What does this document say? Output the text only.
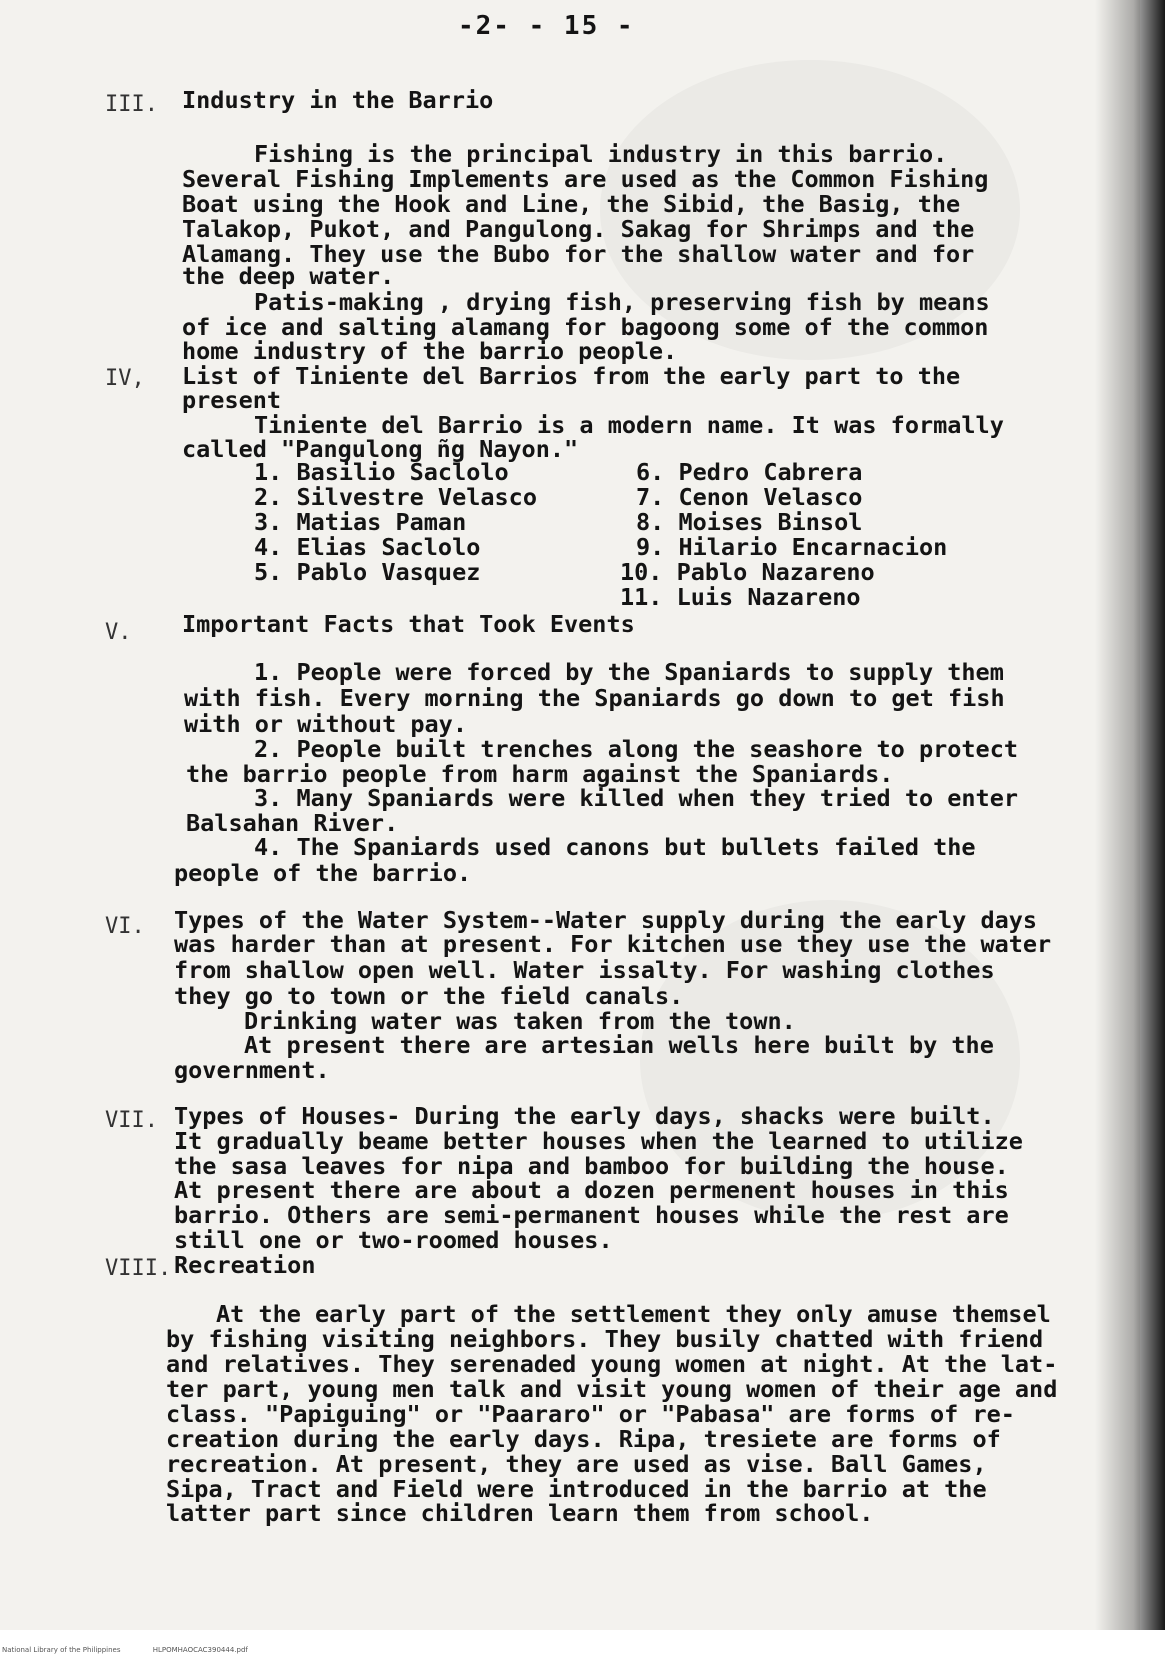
-2- - 15 -
III. Industry in the Barrio
Fishing is the principal industry in this barrio.
Several Fishing Implements are used as the Common Fishing
Boat using the Hook and Line, the Sibid, the Basig, the
Talakop, Pukot, and Pangulong. Sakag for Shrimps and the
Alamang. They use the Bubo for the shallow water and for
the deep water.
Patis-making , drying fish, preserving fish by means
of ice and salting alamang for bagoong some of the common
home industry of the barrio people.
IV, List of Tiniente del Barrios from the early part to the
present
Tiniente del Barrio is a modern name. It was formally
called "Pangulong ñg Nayon."
1. Basilio Saclolo
2. Silvestre Velasco
3. Matias Paman
4. Elias Saclolo
5. Pablo Vasquez
6. Pedro Cabrera
7. Cenon Velasco
8. Moises Binsol
9. Hilario Encarnacion
10. Pablo Nazareno
11. Luis Nazareno
V. Important Facts that Took Events
1. People were forced by the Spaniards to supply them
with fish. Every morning the Spaniards go down to get fish
with or without pay.
2. People built trenches along the seashore to protect
the barrio people from harm against the Spaniards.
3. Many Spaniards were killed when they tried to enter
Balsahan River.
4. The Spaniards used canons but bullets failed the
people of the barrio.
VI. Types of the Water System--Water supply during the early days
was harder than at present. For kitchen use they use the water
from shallow open well. Water issalty. For washing clothes
they go to town or the field canals.
Drinking water was taken from the town.
At present there are artesian wells here built by the
government.
VII. Types of Houses- During the early days, shacks were built.
It gradually beame better houses when the learned to utilize
the sasa leaves for nipa and bamboo for building the house.
At present there are about a dozen permenent houses in this
barrio. Others are semi-permanent houses while the rest are
still one or two-roomed houses.
VIII. Recreation
At the early part of the settlement they only amuse themsel
by fishing visiting neighbors. They busily chatted with friend
and relatives. They serenaded young women at night. At the lat-
ter part, young men talk and visit young women of their age and
class. "Papiguing" or "Paararo" or "Pabasa" are forms of re-
creation during the early days. Ripa, tresiete are forms of
recreation. At present, they are used as vise. Ball Games,
Sipa, Tract and Field were introduced in the barrio at the
latter part since children learn them from school.
National Library of the Philippines	HLPOMHAOCAC390444.pdf
